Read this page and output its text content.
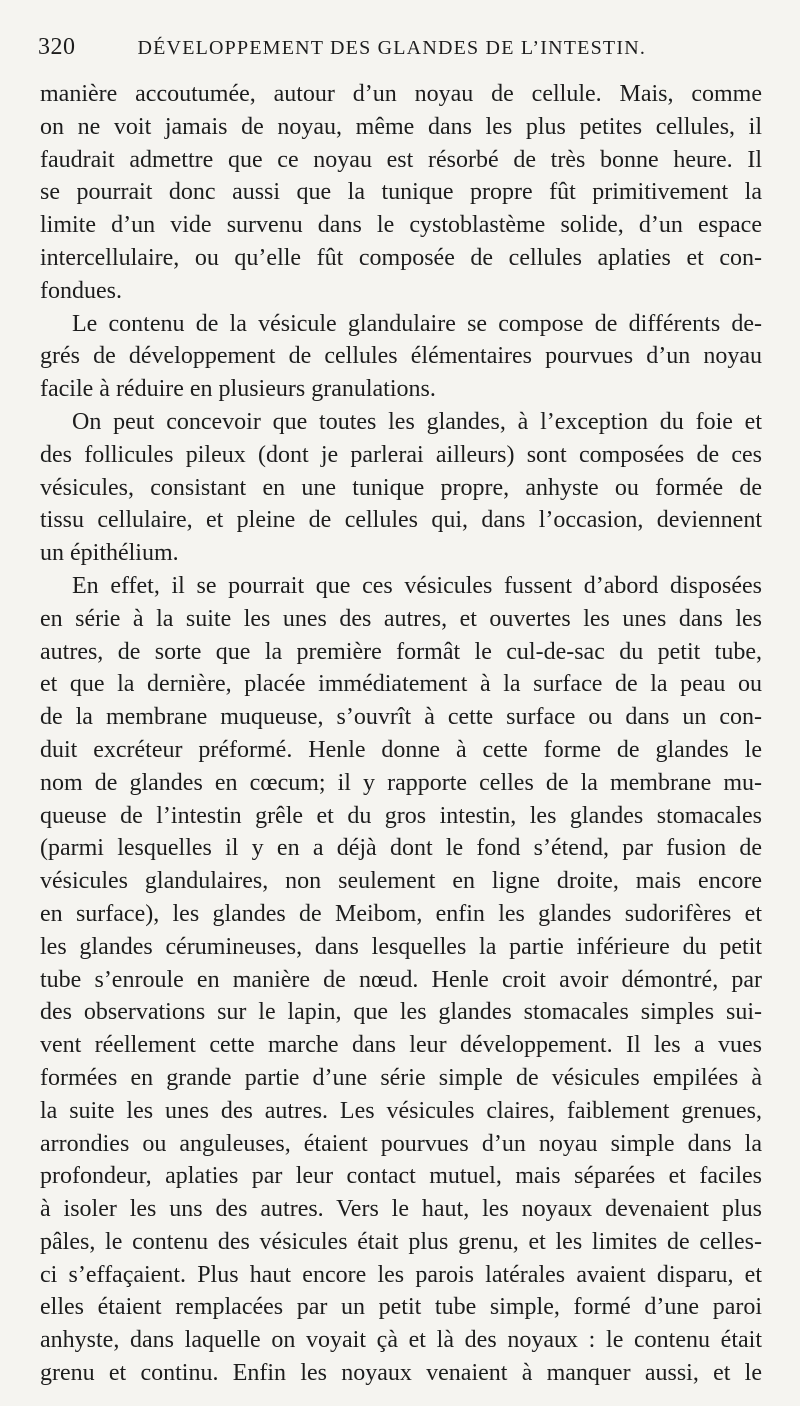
320	DÉVELOPPEMENT DES GLANDES DE L’INTESTIN.
manière accoutumée, autour d’un noyau de cellule. Mais, comme
on ne voit jamais de noyau, même dans les plus petites cellules, il
faudrait admettre que ce noyau est résorbé de très bonne heure. Il
se pourrait donc aussi que la tunique propre fût primitivement la
limite d’un vide survenu dans le cystoblastème solide, d’un espace
intercellulaire, ou qu’elle fût composée de cellules aplaties et con-
fondues.
Le contenu de la vésicule glandulaire se compose de différents de-
grés de développement de cellules élémentaires pourvues d’un noyau
facile à réduire en plusieurs granulations.
On peut concevoir que toutes les glandes, à l’exception du foie et
des follicules pileux (dont je parlerai ailleurs) sont composées de ces
vésicules, consistant en une tunique propre, anhyste ou formée de
tissu cellulaire, et pleine de cellules qui, dans l’occasion, deviennent
un épithélium.
En effet, il se pourrait que ces vésicules fussent d’abord disposées
en série à la suite les unes des autres, et ouvertes les unes dans les
autres, de sorte que la première formât le cul-de-sac du petit tube,
et que la dernière, placée immédiatement à la surface de la peau ou
de la membrane muqueuse, s’ouvrît à cette surface ou dans un con-
duit excréteur préformé. Henle donne à cette forme de glandes le
nom de glandes en cœcum; il y rapporte celles de la membrane mu-
queuse de l’intestin grêle et du gros intestin, les glandes stomacales
(parmi lesquelles il y en a déjà dont le fond s’étend, par fusion de
vésicules glandulaires, non seulement en ligne droite, mais encore
en surface), les glandes de Meibom, enfin les glandes sudorifères et
les glandes cérumineuses, dans lesquelles la partie inférieure du petit
tube s’enroule en manière de nœud. Henle croit avoir démontré, par
des observations sur le lapin, que les glandes stomacales simples sui-
vent réellement cette marche dans leur développement. Il les a vues
formées en grande partie d’une série simple de vésicules empilées à
la suite les unes des autres. Les vésicules claires, faiblement grenues,
arrondies ou anguleuses, étaient pourvues d’un noyau simple dans la
profondeur, aplaties par leur contact mutuel, mais séparées et faciles
à isoler les uns des autres. Vers le haut, les noyaux devenaient plus
pâles, le contenu des vésicules était plus grenu, et les limites de celles-
ci s’effaçaient. Plus haut encore les parois latérales avaient disparu, et
elles étaient remplacées par un petit tube simple, formé d’une paroi
anhyste, dans laquelle on voyait çà et là des noyaux : le contenu était
grenu et continu. Enfin les noyaux venaient à manquer aussi, et le
